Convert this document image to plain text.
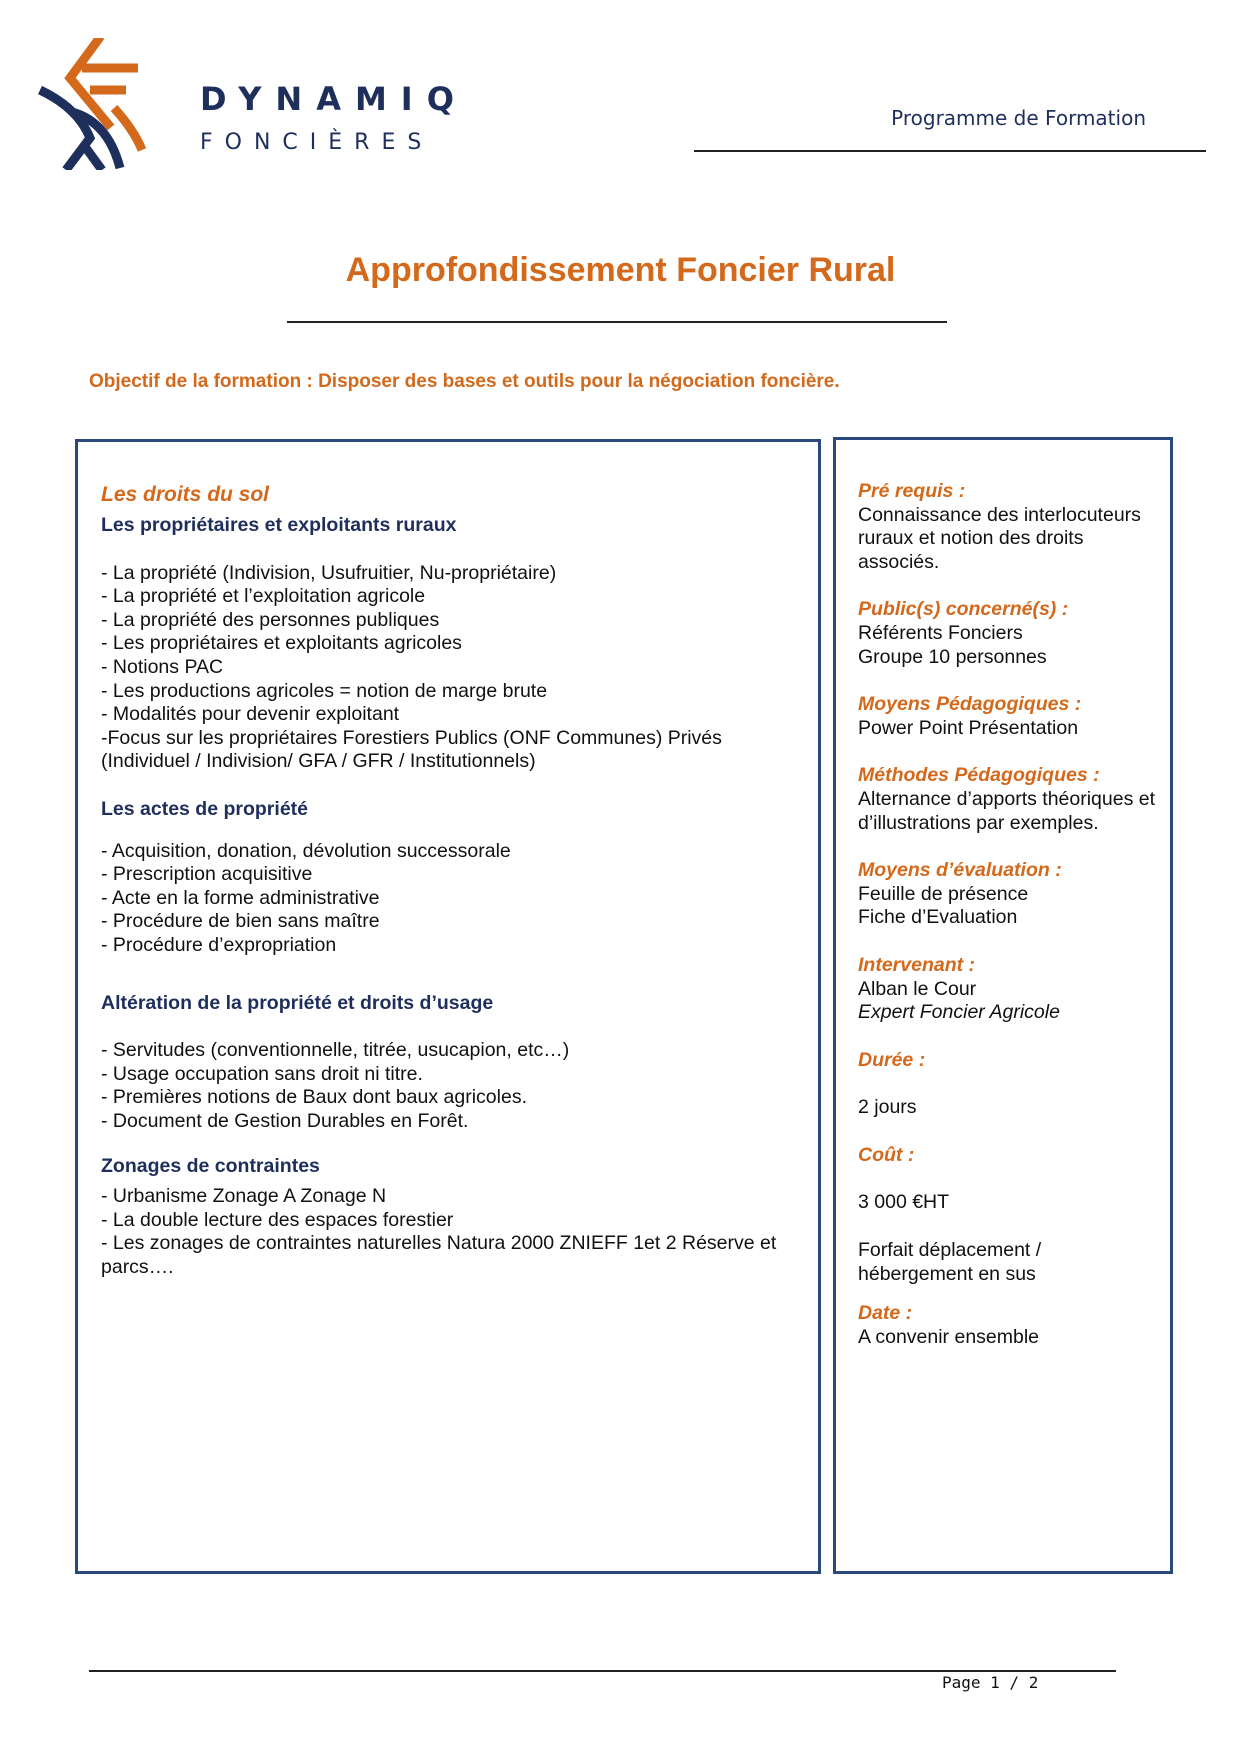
DYNAMIQ
FONCIÈRES
Programme de Formation
Approfondissement Foncier Rural
Objectif de la formation : Disposer des bases et outils pour la négociation foncière.

Les droits du sol

Les propriétaires et exploitants ruraux

- La propriété (Indivision, Usufruitier, Nu-propriétaire)
- La propriété et l’exploitation agricole
- La propriété des personnes publiques
- Les propriétaires et exploitants agricoles
- Notions PAC
- Les productions agricoles = notion de marge brute
- Modalités pour devenir exploitant
-Focus sur les propriétaires Forestiers Publics (ONF Communes) Privés (Individuel / Indivision/ GFA / GFR / Institutionnels)

Les actes de propriété

- Acquisition, donation, dévolution successorale
- Prescription acquisitive
- Acte en la forme administrative
- Procédure de bien sans maître
- Procédure d’expropriation

Altération de la propriété et droits d’usage

- Servitudes (conventionnelle, titrée, usucapion, etc…)
- Usage occupation sans droit ni titre.
- Premières notions de Baux dont baux agricoles.
- Document de Gestion Durables en Forêt.

Zonages de contraintes

- Urbanisme Zonage A Zonage N
- La double lecture des espaces forestier
- Les zonages de contraintes naturelles Natura 2000 ZNIEFF 1et 2 Réserve et parcs….
Pré requis :
Connaissance des interlocuteurs ruraux et notion des droits associés.
Public(s) concerné(s) :
Référents Fonciers
Groupe 10 personnes
Moyens Pédagogiques :
Power Point Présentation
Méthodes Pédagogiques :
Alternance d’apports théoriques et d’illustrations par exemples.
Moyens d’évaluation :
Feuille de présence
Fiche d’Evaluation
Intervenant :
Alban le Cour
Expert Foncier Agricole
Durée :
2 jours
Coût :
3 000 €HT
Forfait déplacement / hébergement en sus
Date :
A convenir ensemble
Page 1 / 2
